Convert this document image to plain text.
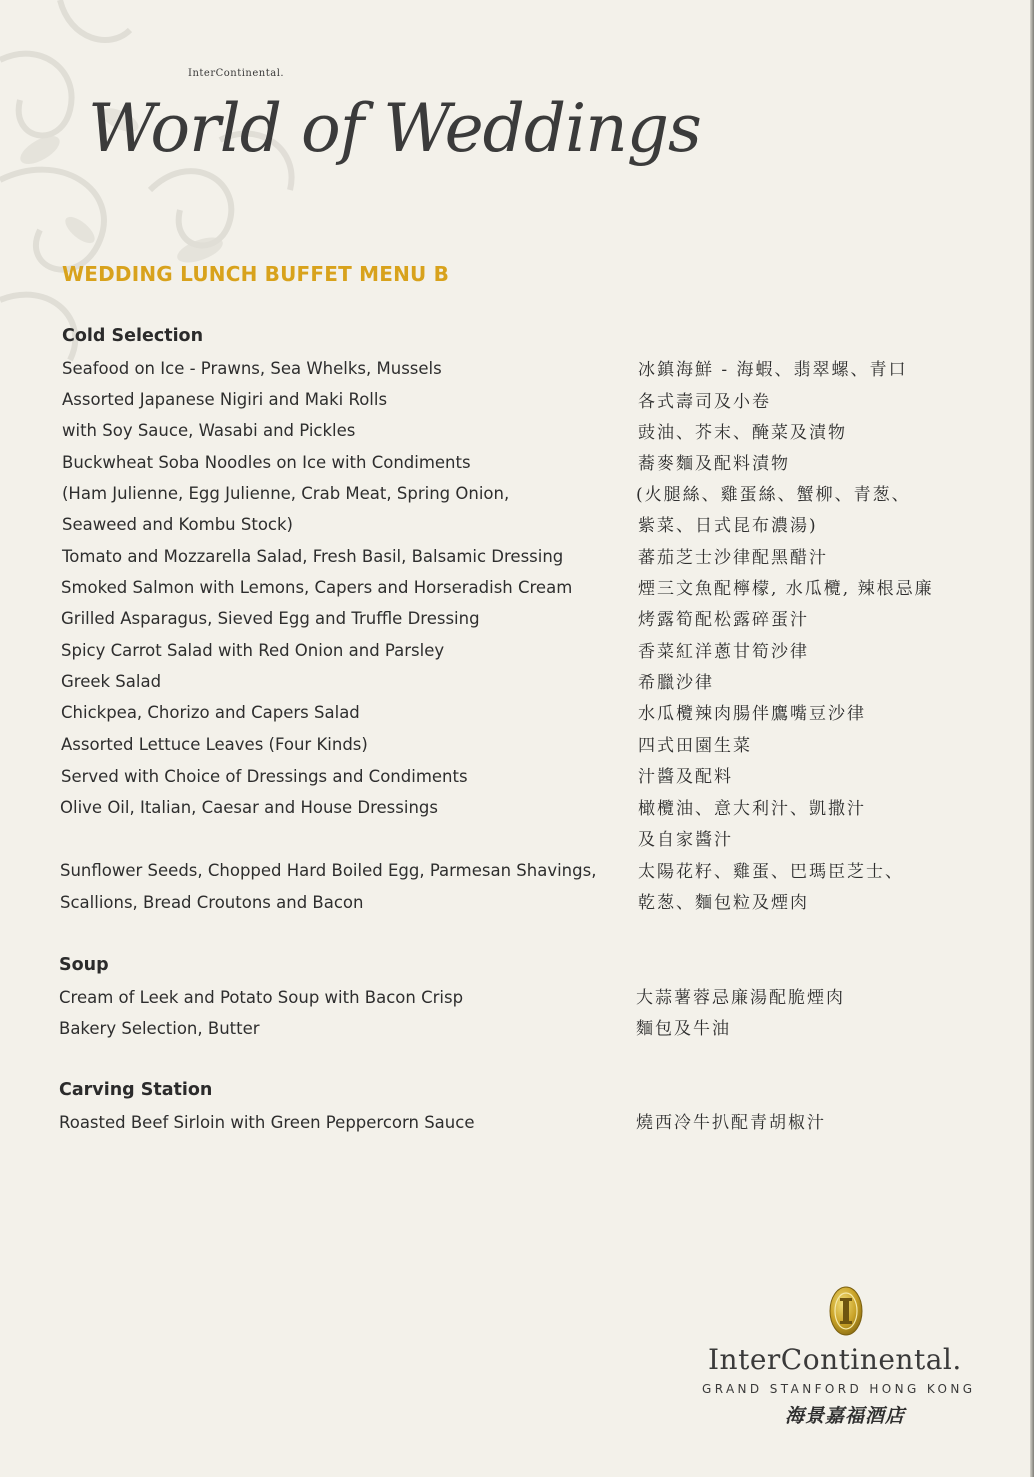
InterContinental.
World of Weddings
WEDDING LUNCH BUFFET MENU B
Cold Selection
Seafood on Ice - Prawns, Sea Whelks, Mussels	冰鎮海鮮 - 海蝦、翡翠螺、青口
Assorted Japanese Nigiri and Maki Rolls	各式壽司及小卷
with Soy Sauce, Wasabi and Pickles	豉油、芥末、醃菜及漬物
Buckwheat Soba Noodles on Ice with Condiments	蕎麥麵及配料漬物
(Ham Julienne, Egg Julienne, Crab Meat, Spring Onion,	(火腿絲、雞蛋絲、蟹柳、青葱、
Seaweed and Kombu Stock)	紫菜、日式昆布濃湯)
Tomato and Mozzarella Salad, Fresh Basil, Balsamic Dressing	蕃茄芝士沙律配黑醋汁
Smoked Salmon with Lemons, Capers and Horseradish Cream	煙三文魚配檸檬, 水瓜欖, 辣根忌廉
Grilled Asparagus, Sieved Egg and Truffle Dressing	烤露筍配松露碎蛋汁
Spicy Carrot Salad with Red Onion and Parsley	香菜紅洋蔥甘筍沙律
Greek Salad	希臘沙律
Chickpea, Chorizo and Capers Salad	水瓜欖辣肉腸伴鷹嘴豆沙律
Assorted Lettuce Leaves (Four Kinds)	四式田園生菜
Served with Choice of Dressings and Condiments	汁醬及配料
Olive Oil, Italian, Caesar and House Dressings	橄欖油、意大利汁、凱撒汁
及自家醬汁
Sunflower Seeds, Chopped Hard Boiled Egg, Parmesan Shavings, 太陽花籽、雞蛋、巴瑪臣芝士、
Scallions, Bread Croutons and Bacon	乾葱、麵包粒及煙肉
Soup
Cream of Leek and Potato Soup with Bacon Crisp	大蒜薯蓉忌廉湯配脆煙肉
Bakery Selection, Butter	麵包及牛油
Carving Station
Roasted Beef Sirloin with Green Peppercorn Sauce	燒西冷牛扒配青胡椒汁
InterContinental.
GRAND STANFORD HONG KONG
海景嘉福酒店
